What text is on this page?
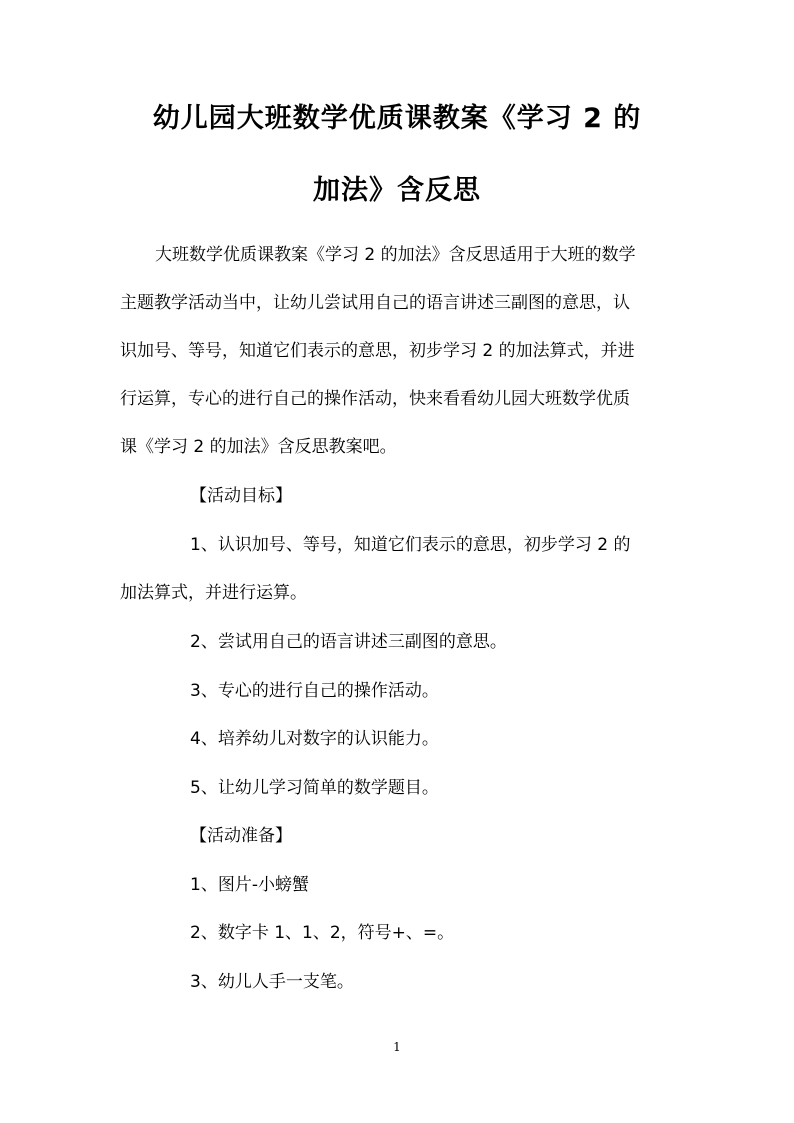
幼儿园大班数学优质课教案《学习 2 的
加法》含反思
大班数学优质课教案《学习 2 的加法》含反思适用于大班的数学
主题教学活动当中，让幼儿尝试用自己的语言讲述三副图的意思，认
识加号、等号，知道它们表示的意思，初步学习 2 的加法算式，并进
行运算，专心的进行自己的操作活动，快来看看幼儿园大班数学优质
课《学习 2 的加法》含反思教案吧。
【活动目标】
1、认识加号、等号，知道它们表示的意思，初步学习 2 的
加法算式，并进行运算。
2、尝试用自己的语言讲述三副图的意思。
3、专心的进行自己的操作活动。
4、培养幼儿对数字的认识能力。
5、让幼儿学习简单的数学题目。
【活动准备】
1、图片-小螃蟹
2、数字卡 1、1、2，符号+、=。
3、幼儿人手一支笔。
1
